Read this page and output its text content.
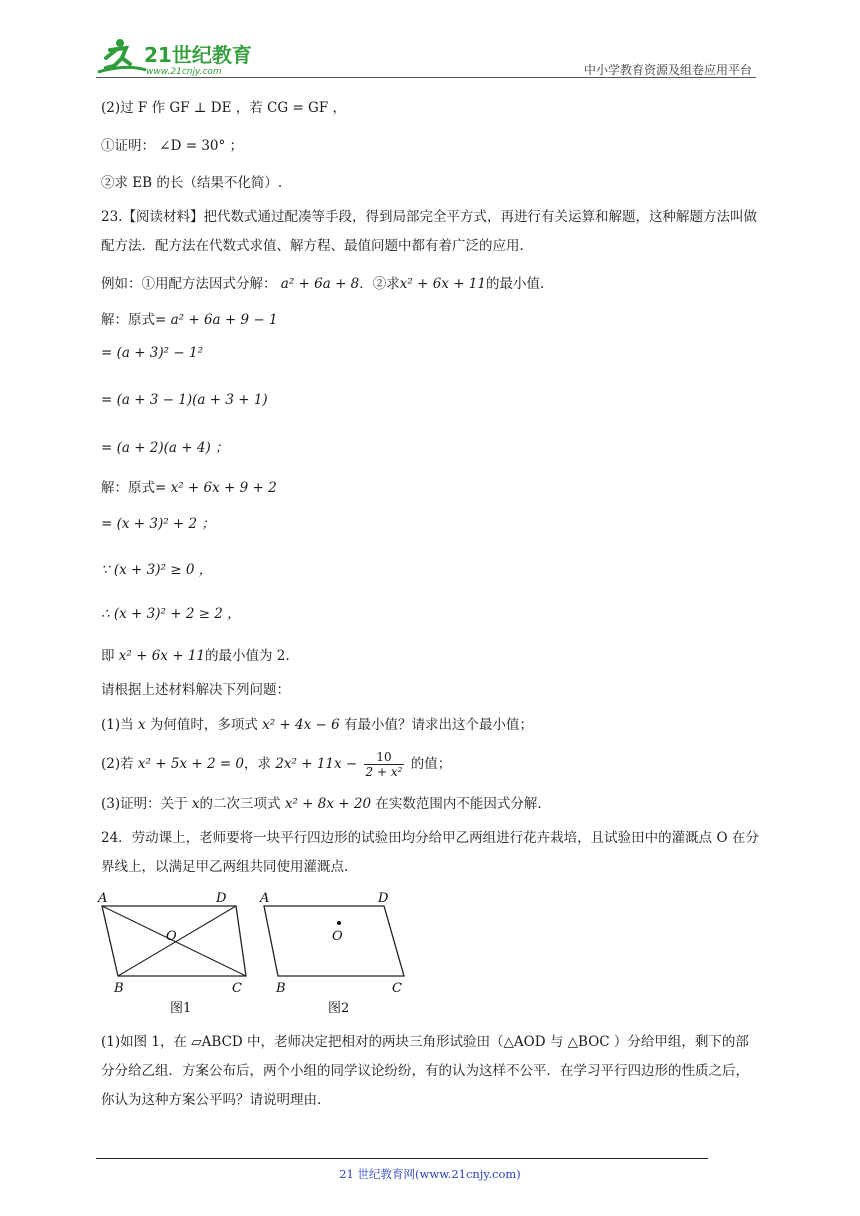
21世纪教育
www.21cnjy.com	中小学教育资源及组卷应用平台
(2)过 F 作 GF ⊥ DE ，若 CG = GF ，
①证明： ∠D = 30° ；
②求 EB 的长（结果不化简）.
23.【阅读材料】把代数式通过配凑等手段，得到局部完全平方式，再进行有关运算和解题，这种解题方法叫做配方法．配方法在代数式求值、解方程、最值问题中都有着广泛的应用.
例如：①用配方法因式分解： a² + 6a + 8．②求x² + 6x + 11的最小值.
解：原式= a² + 6a + 9 − 1
= (a + 3)² − 1²
= (a + 3 − 1)(a + 3 + 1)
= (a + 2)(a + 4) ；
解：原式= x² + 6x + 9 + 2
= (x + 3)² + 2 ；
∵ (x + 3)² ≥ 0 ，
∴ (x + 3)² + 2 ≥ 2 ，
即 x² + 6x + 11的最小值为 2.
请根据上述材料解决下列问题：
(1)当 x 为何值时，多项式 x² + 4x − 6 有最小值？请求出这个最小值；
(2)若 x² + 5x + 2 = 0，求 $2x^2 + 11x - \frac{10}{\text{2 + x²}}$ 的值；
(3)证明：关于 x的二次三项式 x² + 8x + 20 在实数范围内不能因式分解.
24．劳动课上，老师要将一块平行四边形的试验田均分给甲乙两组进行花卉栽培，且试验田中的灌溉点 O 在分界线上，以满足甲乙两组共同使用灌溉点.
(1)如图 1，在 ▱ABCD 中，老师决定把相对的两块三角形试验田（△AOD 与 △BOC ）分给甲组，剩下的部分分给乙组．方案公布后，两个小组的同学议论纷纷，有的认为这样不公平．在学习平行四边形的性质之后，你认为这种方案公平吗？请说明理由.
A	D
B	C
O
图1
A	D
B	C
O
图2
21 世纪教育网(www.21cnjy.com)
